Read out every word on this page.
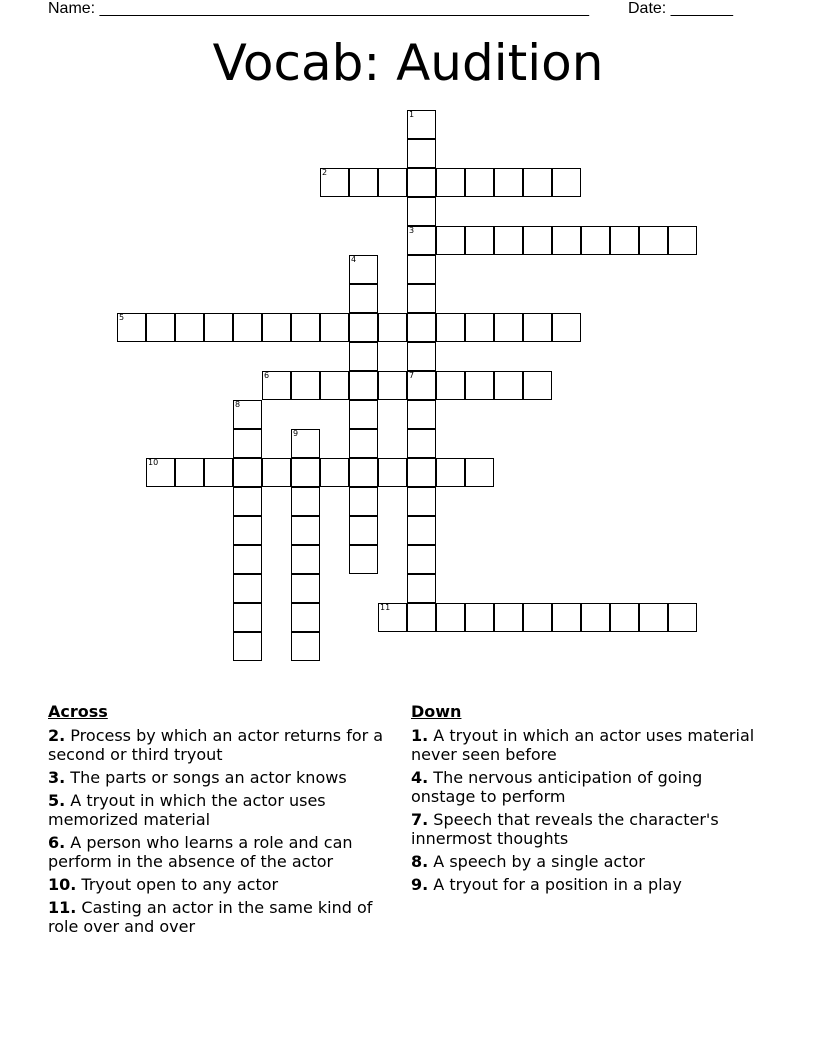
Name: _______________________________________________________ Date: _______
Vocab: Audition
1
3
7
2
4
5
6
8
9
10
11
Across
2. Process by which an actor returns for a second or third tryout
3. The parts or songs an actor knows
5. A tryout in which the actor uses memorized material
6. A person who learns a role and can perform in the absence of the actor
10. Tryout open to any actor
11. Casting an actor in the same kind of role over and over
Down
1. A tryout in which an actor uses material never seen before
4. The nervous anticipation of going onstage to perform
7. Speech that reveals the character's innermost thoughts
8. A speech by a single actor
9. A tryout for a position in a play
